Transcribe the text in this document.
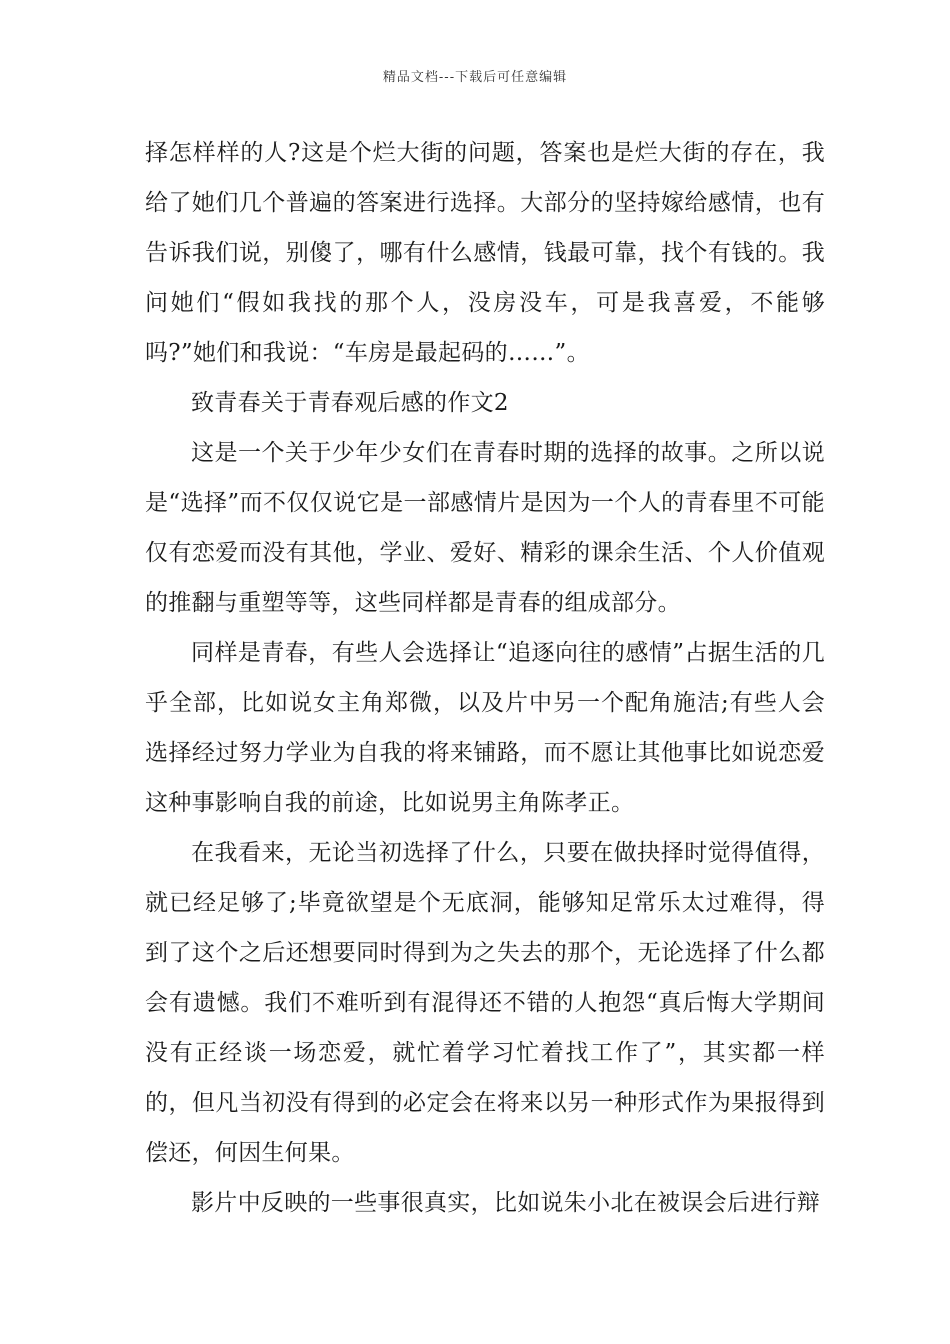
精品文档---下载后可任意编辑

择怎样样的人?这是个烂大街的问题，答案也是烂大街的存在，我给了她们几个普遍的答案进行选择。大部分的坚持嫁给感情，也有告诉我们说，别傻了，哪有什么感情，钱最可靠，找个有钱的。我问她们“假如我找的那个人，没房没车，可是我喜爱，不能够吗?”她们和我说：“车房是最起码的……”。

致青春关于青春观后感的作文2

这是一个关于少年少女们在青春时期的选择的故事。之所以说是“选择”而不仅仅说它是一部感情片是因为一个人的青春里不可能仅有恋爱而没有其他，学业、爱好、精彩的课余生活、个人价值观的推翻与重塑等等，这些同样都是青春的组成部分。

同样是青春，有些人会选择让“追逐向往的感情”占据生活的几乎全部，比如说女主角郑微，以及片中另一个配角施洁;有些人会选择经过努力学业为自我的将来铺路，而不愿让其他事比如说恋爱这种事影响自我的前途，比如说男主角陈孝正。

在我看来，无论当初选择了什么，只要在做抉择时觉得值得，就已经足够了;毕竟欲望是个无底洞，能够知足常乐太过难得，得到了这个之后还想要同时得到为之失去的那个，无论选择了什么都会有遗憾。我们不难听到有混得还不错的人抱怨“真后悔大学期间没有正经谈一场恋爱，就忙着学习忙着找工作了”，其实都一样的，但凡当初没有得到的必定会在将来以另一种形式作为果报得到偿还，何因生何果。

影片中反映的一些事很真实，比如说朱小北在被误会后进行辩
